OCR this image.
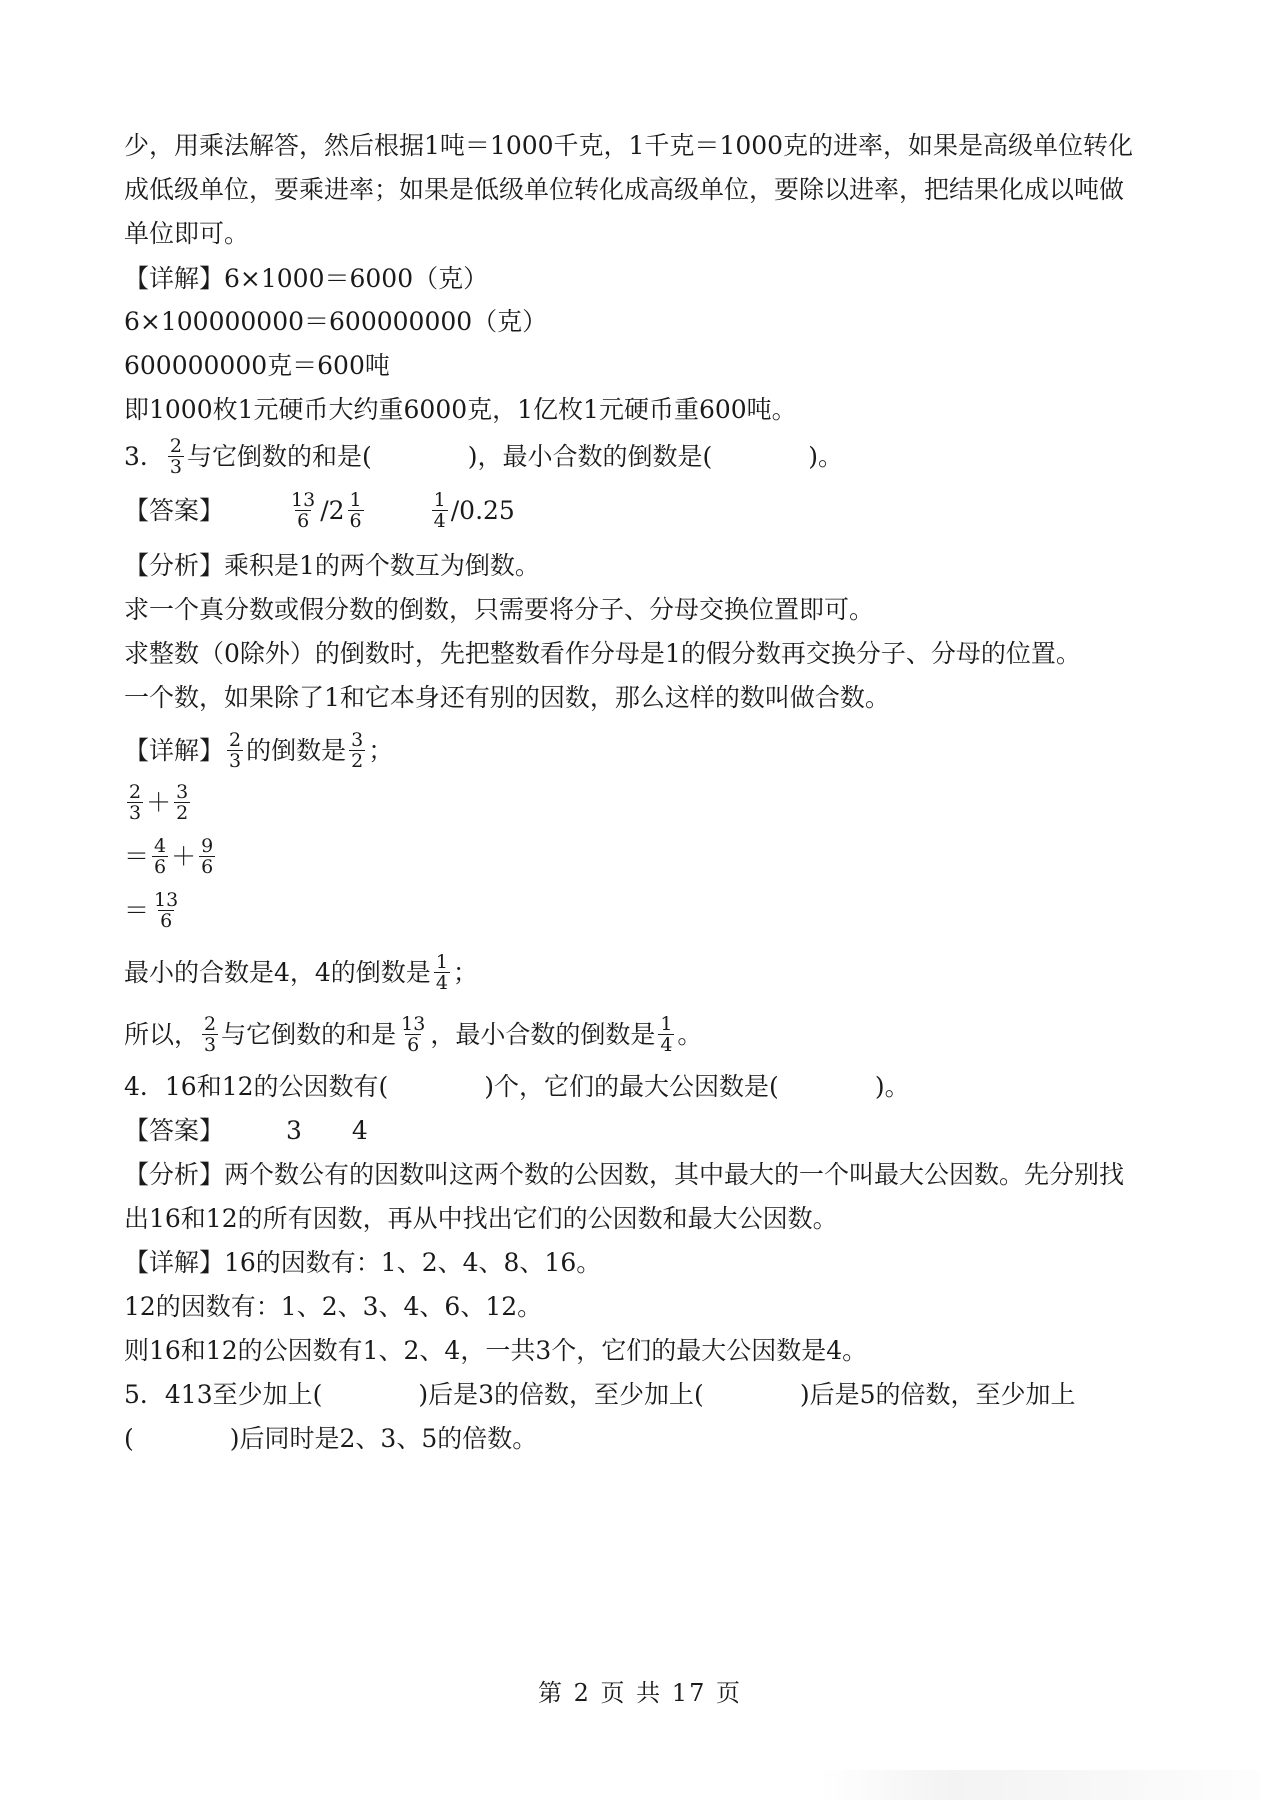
少，用乘法解答，然后根据1吨＝1000千克，1千克＝1000克的进率，如果是高级单位转化
成低级单位，要乘进率；如果是低级单位转化成高级单位，要除以进率，把结果化成以吨做
单位即可。
【详解】6×1000＝6000（克）
6×100000000＝600000000（克）
600000000克＝600吨
即1000枚1元硬币大约重6000克，1亿枚1元硬币重600吨。
3． $\frac{2}{3}$ 与它倒数的和是(	)，最小合数的倒数是(	)。
【答案】	$\frac{13}{6} /2 \frac{1}{6}$	$\frac{1}{4} /0.25$
【分析】乘积是1的两个数互为倒数。
求一个真分数或假分数的倒数，只需要将分子、分母交换位置即可。
求整数（0除外）的倒数时，先把整数看作分母是1的假分数再交换分子、分母的位置。
一个数，如果除了1和它本身还有别的因数，那么这样的数叫做合数。
【详解】 $\frac{2}{3}$ 的倒数是 $\frac{3}{2}$ ；
$\frac{2}{3} + \frac{3}{2}$
＝ $\frac{4}{6} + \frac{9}{6}$
＝ $\frac{13}{6}$
最小的合数是4，4的倒数是 $\frac{1}{4}$ ；
所以， $\frac{2}{3}$ 与它倒数的和是 $\frac{13}{6}$ ，最小合数的倒数是 $\frac{1}{4}$ 。
4．16和12的公因数有(	)个，它们的最大公因数是(	)。
【答案】 3 4
【分析】两个数公有的因数叫这两个数的公因数，其中最大的一个叫最大公因数。先分别找
出16和12的所有因数，再从中找出它们的公因数和最大公因数。
【详解】16的因数有：1、2、4、8、16。
12的因数有：1、2、3、4、6、12。
则16和12的公因数有1、2、4，一共3个，它们的最大公因数是4。
5．413至少加上(	)后是3的倍数，至少加上(	)后是5的倍数，至少加上
(	)后同时是2、3、5的倍数。
第 2 页 共 17 页
